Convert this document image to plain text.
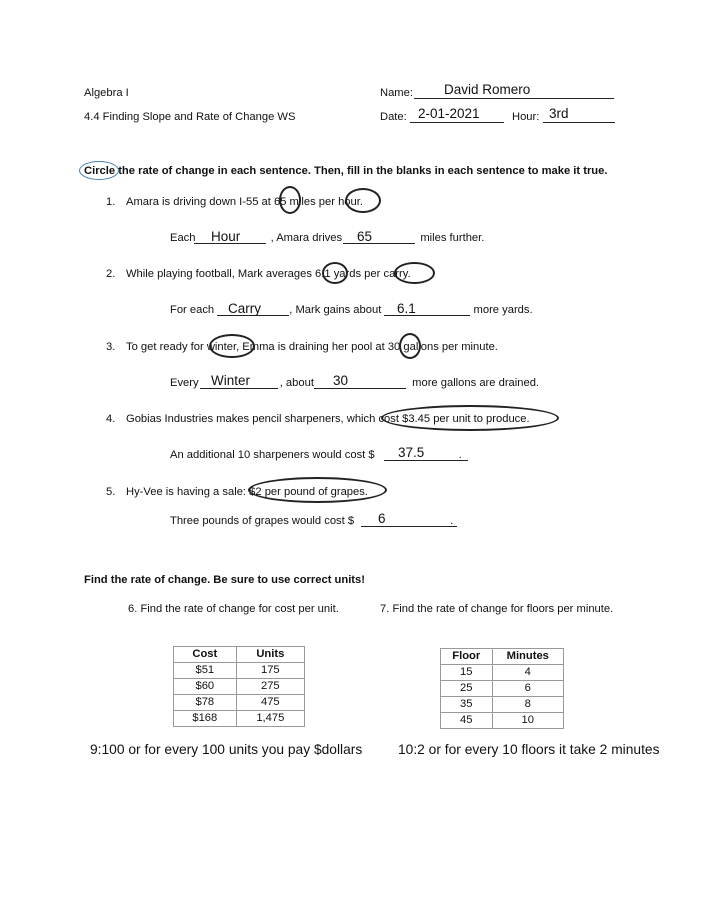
Algebra I
4.4 Finding Slope and Rate of Change WS
Name: David Romero
Date: 2-01-2021	Hour: 3rd
Circle the rate of change in each sentence. Then, fill in the blanks in each sentence to make it true.
1. Amara is driving down I-55 at 65 miles per hour.
Each	, Amara drives	miles further.
Hour	65
2. While playing football, Mark averages 6.1 yards per carry.
For each	, Mark gains about	more yards.
Carry	6.1
3. To get ready for winter, Emma is draining her pool at 30 gallons per minute.
Every	, about	more gallons are drained.
Winter	30
4. Gobias Industries makes pencil sharpeners, which cost $3.45 per unit to produce.
An additional 10 sharpeners would cost $	.
37.5
5. Hy-Vee is having a sale: $2 per pound of grapes.
Three pounds of grapes would cost $	.
6
Find the rate of change. Be sure to use correct units!
6. Find the rate of change for cost per unit.	7. Find the rate of change for floors per minute.
Cost	Units
$51	175
$60	275
$78	475
$168	1,475
Floor	Minutes
15	4
25	6
35	8
45	10
9:100 or for every 100 units you pay $dollars	10:2 or for every 10 floors it take 2 minutes
